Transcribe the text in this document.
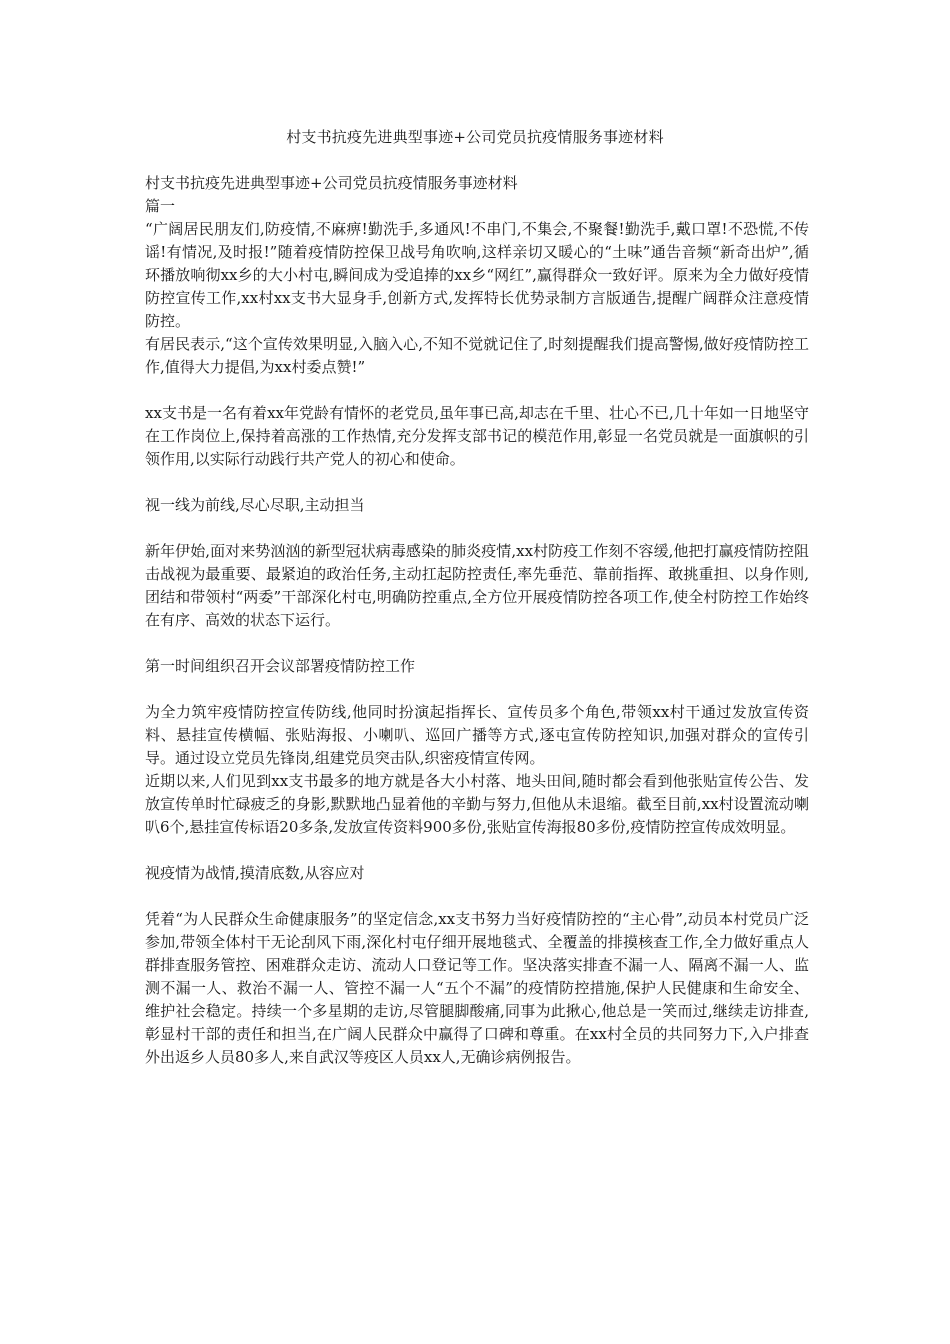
村支书抗疫先进典型事迹+公司党员抗疫情服务事迹材料

村支书抗疫先进典型事迹+公司党员抗疫情服务事迹材料

篇一

“广阔居民朋友们,防疫情,不麻痹!勤洗手,多通风!不串门,不集会,不聚餐!勤洗手,戴口罩!不恐慌,不传谣!有情况,及时报!”随着疫情防控保卫战号角吹响,这样亲切又暖心的“土味”通告音频“新奇出炉”,循环播放响彻xx乡的大小村屯,瞬间成为受追捧的xx乡“网红”,赢得群众一致好评。原来为全力做好疫情防控宣传工作,xx村xx支书大显身手,创新方式,发挥特长优势录制方言版通告,提醒广阔群众注意疫情防控。

有居民表示,“这个宣传效果明显,入脑入心,不知不觉就记住了,时刻提醒我们提高警惕,做好疫情防控工作,值得大力提倡,为xx村委点赞!”

xx支书是一名有着xx年党龄有情怀的老党员,虽年事已高,却志在千里、壮心不已,几十年如一日地坚守在工作岗位上,保持着高涨的工作热情,充分发挥支部书记的模范作用,彰显一名党员就是一面旗帜的引领作用,以实际行动践行共产党人的初心和使命。

视一线为前线,尽心尽职,主动担当

新年伊始,面对来势汹汹的新型冠状病毒感染的肺炎疫情,xx村防疫工作刻不容缓,他把打赢疫情防控阻击战视为最重要、最紧迫的政治任务,主动扛起防控责任,率先垂范、靠前指挥、敢挑重担、以身作则,团结和带领村“两委”干部深化村屯,明确防控重点,全方位开展疫情防控各项工作,使全村防控工作始终在有序、高效的状态下运行。

第一时间组织召开会议部署疫情防控工作

为全力筑牢疫情防控宣传防线,他同时扮演起指挥长、宣传员多个角色,带领xx村干通过发放宣传资料、悬挂宣传横幅、张贴海报、小喇叭、巡回广播等方式,逐屯宣传防控知识,加强对群众的宣传引导。通过设立党员先锋岗,组建党员突击队,织密疫情宣传网。

近期以来,人们见到xx支书最多的地方就是各大小村落、地头田间,随时都会看到他张贴宣传公告、发放宣传单时忙碌疲乏的身影,默默地凸显着他的辛勤与努力,但他从未退缩。截至目前,xx村设置流动喇叭6个,悬挂宣传标语20多条,发放宣传资料900多份,张贴宣传海报80多份,疫情防控宣传成效明显。

视疫情为战情,摸清底数,从容应对

凭着“为人民群众生命健康服务”的坚定信念,xx支书努力当好疫情防控的“主心骨”,动员本村党员广泛参加,带领全体村干无论刮风下雨,深化村屯仔细开展地毯式、全覆盖的排摸核查工作,全力做好重点人群排查服务管控、困难群众走访、流动人口登记等工作。坚决落实排查不漏一人、隔离不漏一人、监测不漏一人、救治不漏一人、管控不漏一人“五个不漏”的疫情防控措施,保护人民健康和生命安全、维护社会稳定。持续一个多星期的走访,尽管腿脚酸痛,同事为此揪心,他总是一笑而过,继续走访排查,彰显村干部的责任和担当,在广阔人民群众中赢得了口碑和尊重。在xx村全员的共同努力下,入户排查外出返乡人员80多人,来自武汉等疫区人员xx人,无确诊病例报告。
